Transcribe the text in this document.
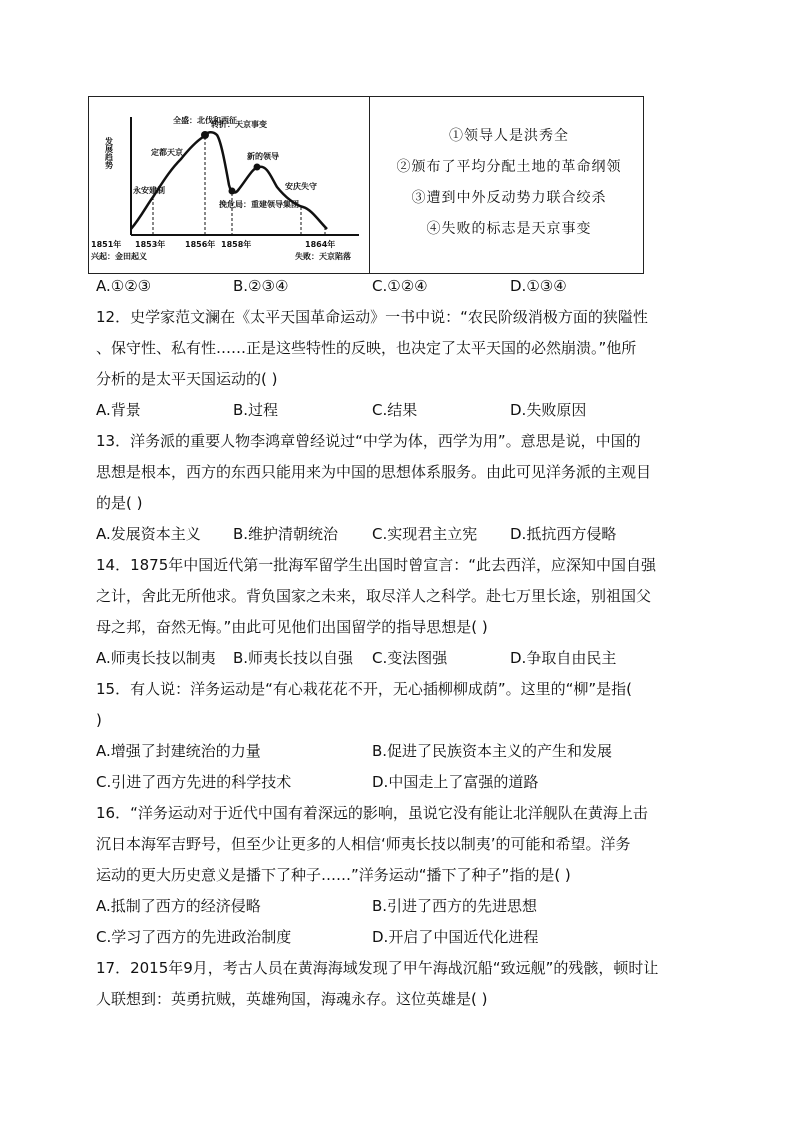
发展趋势
1851年
兴起：金田起义
永安建制
1853年
定都天京
全盛：北伐和西征
转折：天京事变
1856年 1858年
新的领导
挽危局：重建领导集团
安庆失守
1864年
失败：天京陷落
①领导人是洪秀全
②颁布了平均分配土地的革命纲领
③遭到中外反动势力联合绞杀
④失败的标志是天京事变
A.①②③	B.②③④	C.①②④	D.①③④
12．史学家范文澜在《太平天国革命运动》一书中说：“农民阶级消极方面的狭隘性
、保守性、私有性……正是这些特性的反映，也决定了太平天国的必然崩溃。”他所
分析的是太平天国运动的( )
A.背景	B.过程	C.结果	D.失败原因
13．洋务派的重要人物李鸿章曾经说过“中学为体，西学为用”。意思是说，中国的
思想是根本，西方的东西只能用来为中国的思想体系服务。由此可见洋务派的主观目
的是( )
A.发展资本主义 B.维护清朝统治 C.实现君主立宪 D.抵抗西方侵略
14．1875年中国近代第一批海军留学生出国时曾宣言：“此去西洋，应深知中国自强
之计，舍此无所他求。背负国家之未来，取尽洋人之科学。赴七万里长途，别祖国父
母之邦，奋然无悔。”由此可见他们出国留学的指导思想是( )
A.师夷长技以制夷 B.师夷长技以自强 C.变法图强	D.争取自由民主
15．有人说：洋务运动是“有心栽花花不开，无心插柳柳成荫”。这里的“柳”是指(
)
A.增强了封建统治的力量	B.促进了民族资本主义的产生和发展
C.引进了西方先进的科学技术	D.中国走上了富强的道路
16．“洋务运动对于近代中国有着深远的影响，虽说它没有能让北洋舰队在黄海上击
沉日本海军吉野号，但至少让更多的人相信‘师夷长技以制夷’的可能和希望。洋务
运动的更大历史意义是播下了种子……”洋务运动“播下了种子”指的是( )
A.抵制了西方的经济侵略	B.引进了西方的先进思想
C.学习了西方的先进政治制度	D.开启了中国近代化进程
17．2015年9月，考古人员在黄海海域发现了甲午海战沉船“致远舰”的残骸，顿时让
人联想到：英勇抗贼，英雄殉国，海魂永存。这位英雄是( )
